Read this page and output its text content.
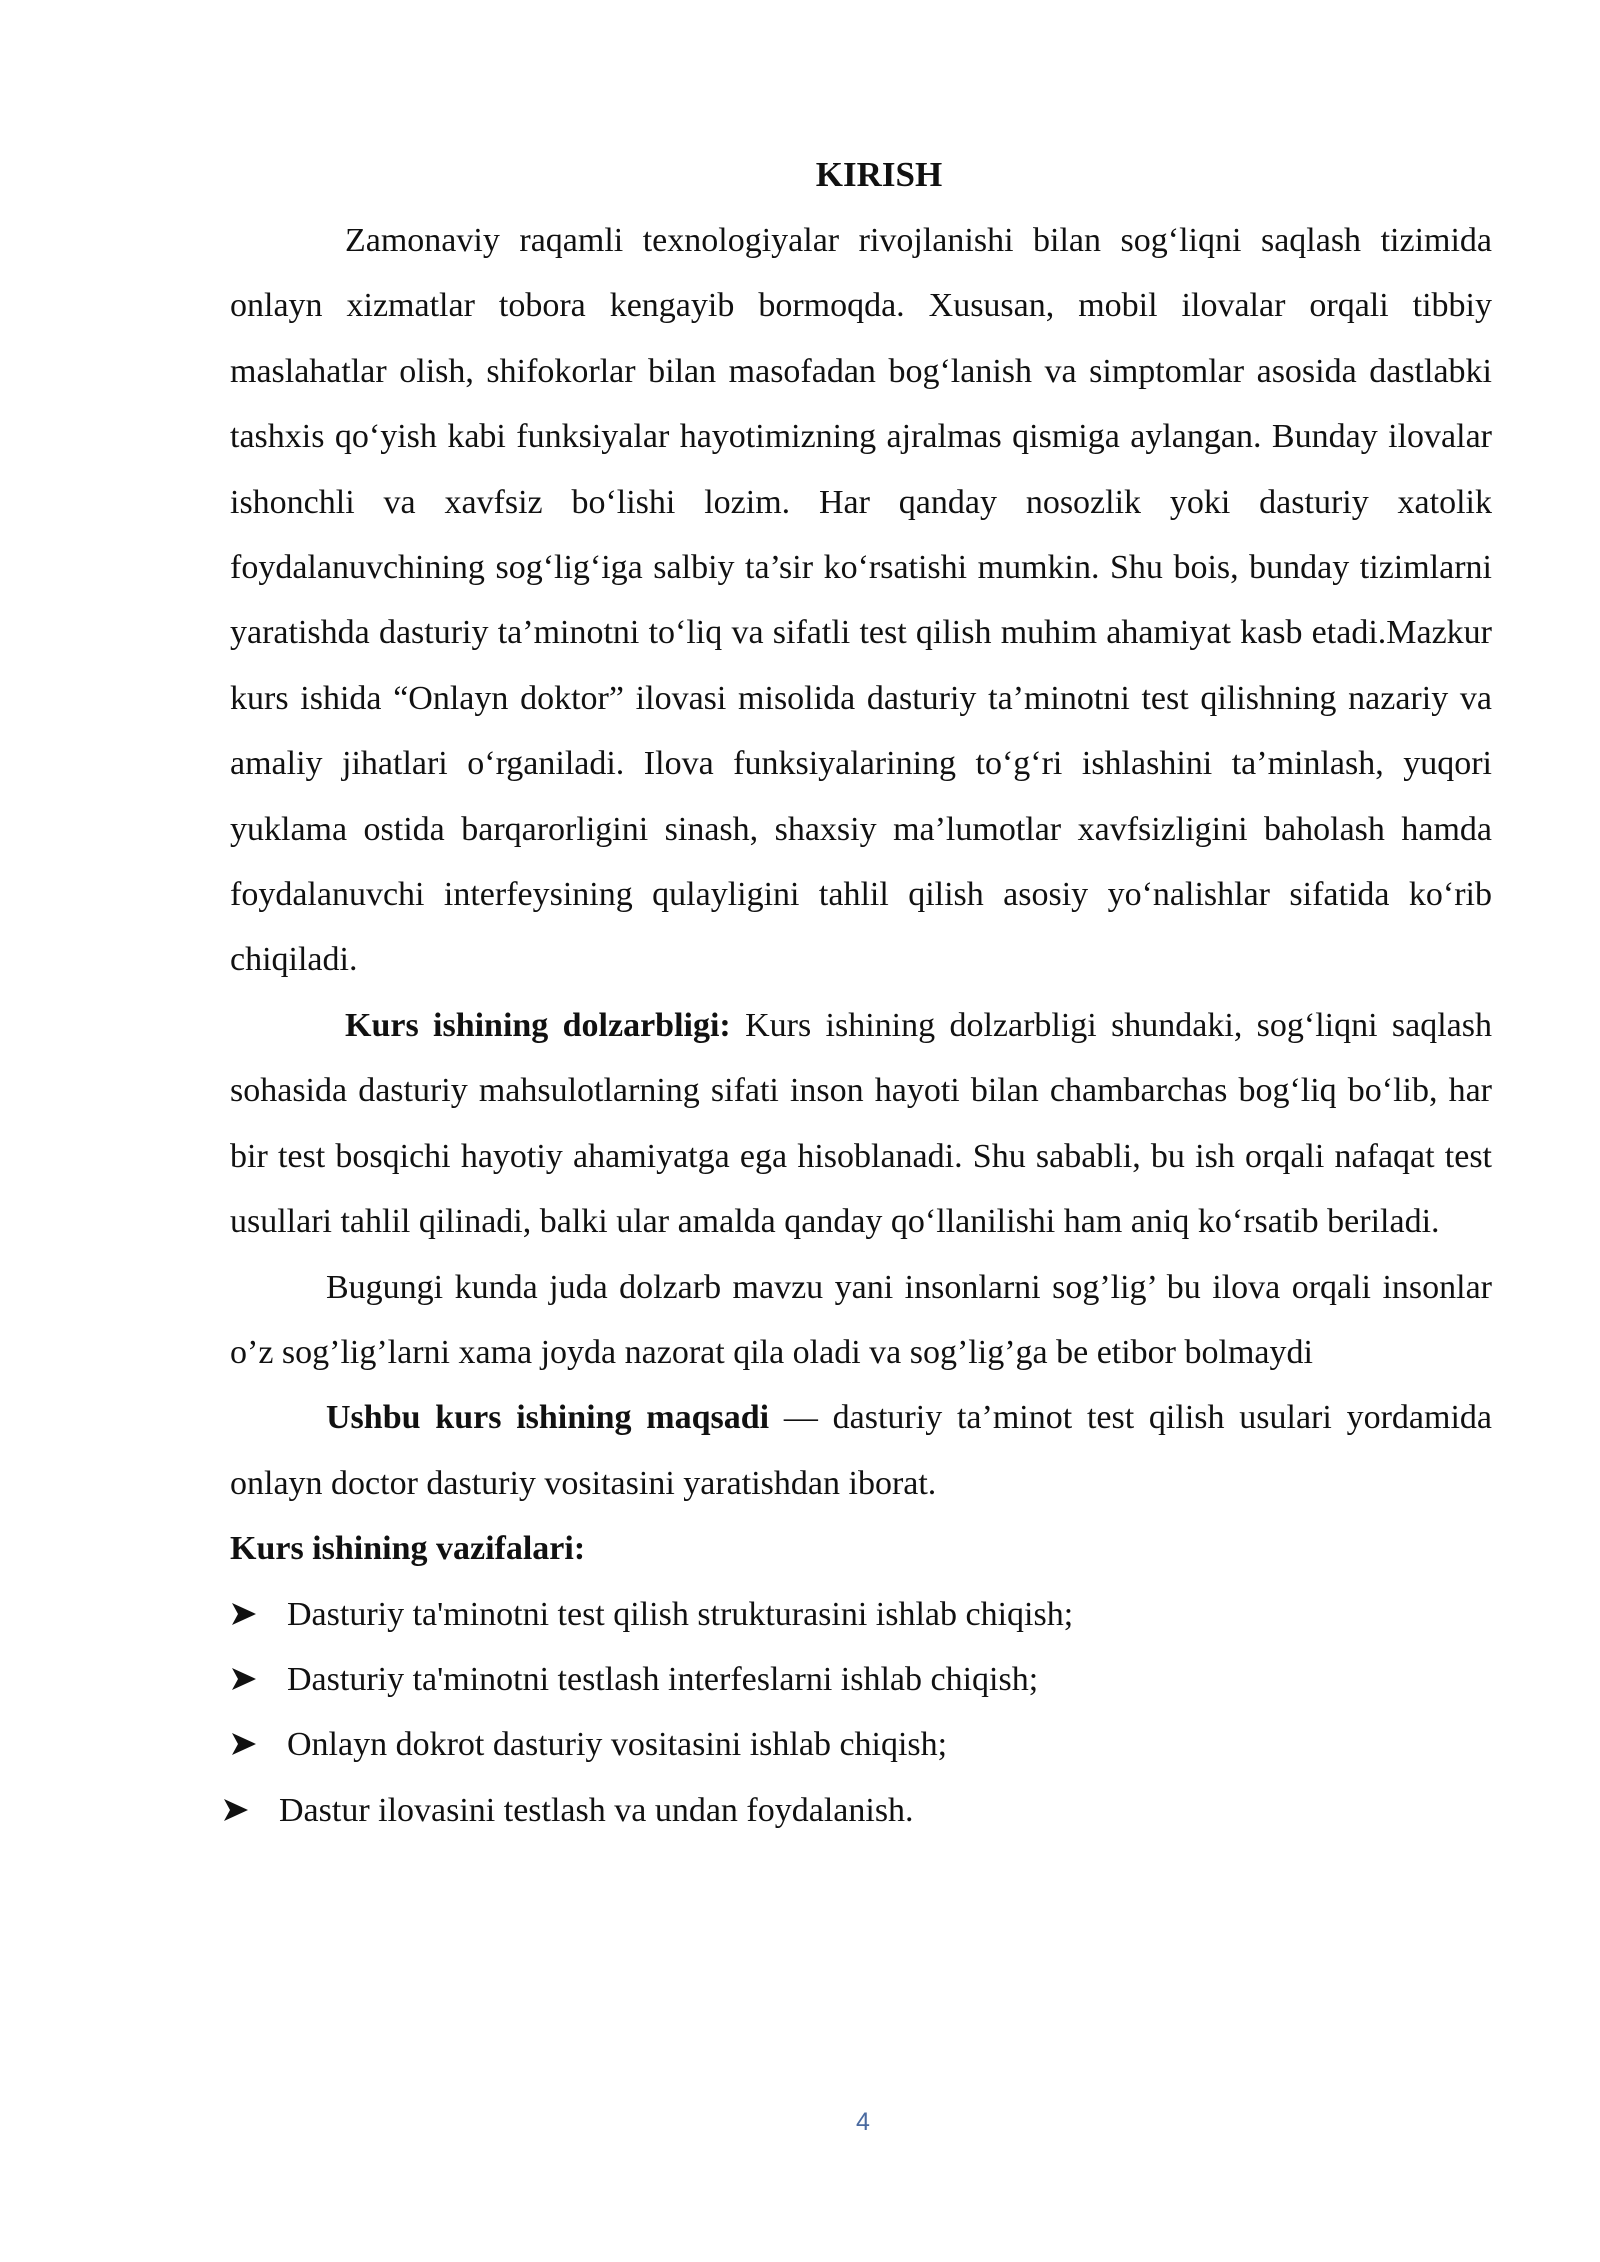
KIRISH

Zamonaviy raqamli texnologiyalar rivojlanishi bilan sog‘liqni saqlash tizimida onlayn xizmatlar tobora kengayib bormoqda. Xususan, mobil ilovalar orqali tibbiy maslahatlar olish, shifokorlar bilan masofadan bog‘lanish va simptomlar asosida dastlabki tashxis qo‘yish kabi funksiyalar hayotimizning ajralmas qismiga aylangan. Bunday ilovalar ishonchli va xavfsiz bo‘lishi lozim. Har qanday nosozlik yoki dasturiy xatolik foydalanuvchining sog‘lig‘iga salbiy ta’sir ko‘rsatishi mumkin. Shu bois, bunday tizimlarni yaratishda dasturiy ta’minotni to‘liq va sifatli test qilish muhim ahamiyat kasb etadi.Mazkur kurs ishida “Onlayn doktor” ilovasi misolida dasturiy ta’minotni test qilishning nazariy va amaliy jihatlari o‘rganiladi. Ilova funksiyalarining to‘g‘ri ishlashini ta’minlash, yuqori yuklama ostida barqarorligini sinash, shaxsiy ma’lumotlar xavfsizligini baholash hamda foydalanuvchi interfeysining qulayligini tahlil qilish asosiy yo‘nalishlar sifatida ko‘rib chiqiladi.

Kurs ishining dolzarbligi: Kurs ishining dolzarbligi shundaki, sog‘liqni saqlash sohasida dasturiy mahsulotlarning sifati inson hayoti bilan chambarchas bog‘liq bo‘lib, har bir test bosqichi hayotiy ahamiyatga ega hisoblanadi. Shu sababli, bu ish orqali nafaqat test usullari tahlil qilinadi, balki ular amalda qanday qo‘llanilishi ham aniq ko‘rsatib beriladi.

Bugungi kunda juda dolzarb mavzu yani insonlarni sog’lig’ bu ilova orqali insonlar o’z sog’lig’larni xama joyda nazorat qila oladi va sog’lig’ga be etibor bolmaydi

Ushbu kurs ishining maqsadi — dasturiy ta’minot test qilish usulari yordamida onlayn doctor dasturiy vositasini yaratishdan iborat.

Kurs ishining vazifalari:

Dasturiy ta'minotni test qilish strukturasini ishlab chiqish;
Dasturiy ta'minotni testlash interfeslarni ishlab chiqish;
Onlayn dokrot dasturiy vositasini ishlab chiqish;
Dastur ilovasini testlash va undan foydalanish.
4
